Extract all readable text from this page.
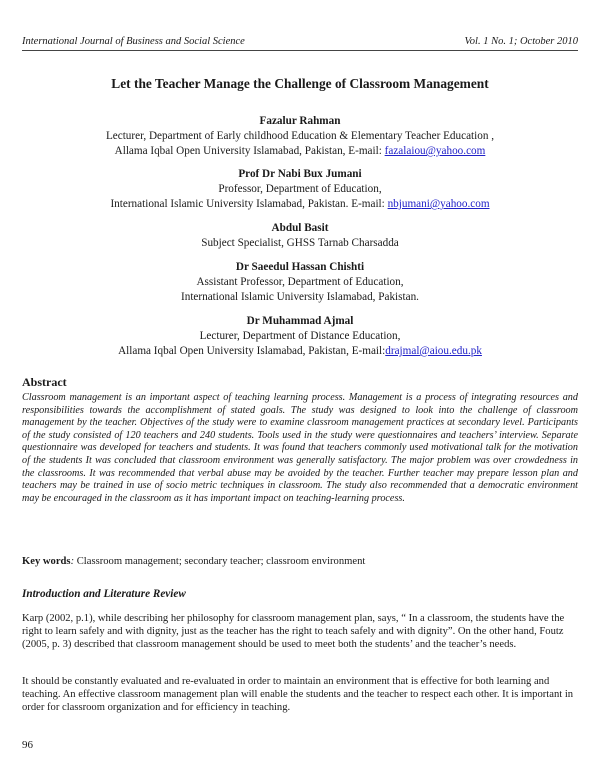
International Journal of Business and Social Science	Vol. 1 No. 1; October 2010
Let the Teacher Manage the Challenge of Classroom Management
Fazalur Rahman
Lecturer, Department of Early childhood Education & Elementary Teacher Education ,
Allama Iqbal Open University Islamabad, Pakistan, E-mail: fazalaiou@yahoo.com
Prof Dr Nabi Bux Jumani
Professor, Department of Education,
International Islamic University Islamabad, Pakistan. E-mail: nbjumani@yahoo.com
Abdul Basit
Subject Specialist, GHSS Tarnab Charsadda
Dr Saeedul Hassan Chishti
Assistant Professor, Department of Education,
International Islamic University Islamabad, Pakistan.
Dr Muhammad Ajmal
Lecturer, Department of Distance Education,
Allama Iqbal Open University Islamabad, Pakistan, E-mail:drajmal@aiou.edu.pk
Abstract
Classroom management is an important aspect of teaching learning process. Management is a process of integrating resources and responsibilities towards the accomplishment of stated goals. The study was designed to look into the challenge of classroom management by the teacher. Objectives of the study were to examine classroom management practices at secondary level. Participants of the study consisted of 120 teachers and 240 students. Tools used in the study were questionnaires and teachers’ interview. Separate questionnaire was developed for teachers and students. It was found that teachers commonly used motivational talk for the motivation of the students It was concluded that classroom environment was generally satisfactory. The major problem was over crowdedness in the classrooms. It was recommended that verbal abuse may be avoided by the teacher. Further teacher may prepare lesson plan and teachers may be trained in use of socio metric techniques in classroom. The study also recommended that a democratic environment may be encouraged in the classroom as it has important impact on teaching-learning process.
Key words: Classroom management; secondary teacher; classroom environment
Introduction and Literature Review
Karp (2002, p.1), while describing her philosophy for classroom management plan, says, “ In a classroom, the students have the right to learn safely and with dignity, just as the teacher has the right to teach safely and with dignity”. On the other hand, Foutz (2005, p. 3) described that classroom management should be used to meet both the students’ and the teacher’s needs.
It should be constantly evaluated and re-evaluated in order to maintain an environment that is effective for both learning and teaching. An effective classroom management plan will enable the students and the teacher to respect each other. It is important in order for classroom organization and for efficiency in teaching.
96
